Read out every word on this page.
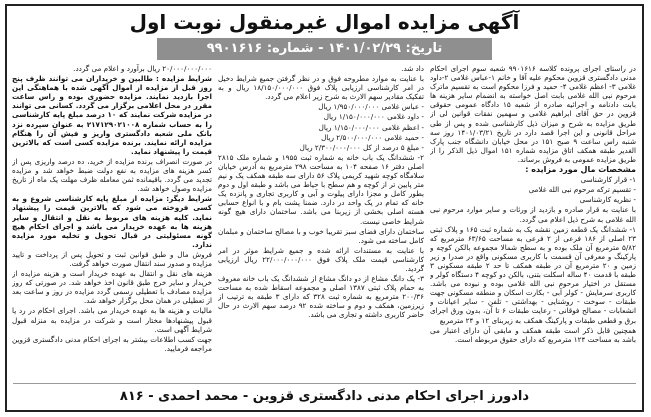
آگهی مزایده اموال غیرمنقول نوبت اول
تاریخ: ۱۴۰۱/۰۲/۲۹ - شماره: ۹۹۰۱۶۱۶

در راستای اجرای پرونده کلاسه ۹۹۰۱۶۱۶ شعبه سوم اجرای احکام مدنی دادگستری قزوین محکوم علیه آقا و خانم ۱-عباس غلامی ۲-داود غلامی ۳- اعظم غلامی ۴- حمید و فرزا محکوم است به تقسیم ماترک مرحوم نبی الله غلامی بابت اصل خواسته به انضمام سایر هزینه ها بابت دادنامه و اجرائیه صادره از شعبه ۱۵ دادگاه عمومی حقوقی قزوین در حق آقای ابراهیم غلامی و سهمین نفقات قوانین لی از طریق مزایده به شرح و میزان ذیل کارشناسی شده و پس از طی مراحل قانونی و این اجرا قصد دارد در تاریخ ۱۴۰۱/۰۳/۲۱ روز سه شنبه راس ساعت ۹ صبح ۱۵۱ در محل خیابان دانشگاه جنب پارک الغدیر طبقه همکف اتاق مزایده شماره ۱۵۱ اموال ذیل الذکر را از طریق مزایده عمومی به فروش برساند.

مشخصات مال مورد مزایده :

۱- قرار کارشناسی

- تقسیم ترکه مرحوم نبی الله غلامی

- نظریه کارشناسی

با عنایت به قرار صادره و بازدید از ورثات و سایر موارد مرحوم نبی الله غلامی به شرح ذیل اعلام می گردد.

۱- ششدانگ یک قطعه زمین نقشه یک به شماره ثبت ۱۶۵ و پلاک ثبتی ۲۳ اصلی از ۱۸۶ فرعی از ۲ فرعی به مساحت ۶۳/۶۵ مترمربع که ۵/۸۲ مترمربع آن ملک بوده و به سطح شمالا مجموعه بالکن کوچه و پارکینگ و معرفی آن قسمت با کاربری مسکونی واقع در صدرا و زیر زمین و ۲۰ مترمربع آن در طبقه همکف تا حد ۲ طبقه مسکونی ۳ طبقه با قدمت ۴۰ ساله اسکلت بتنی، بالکن دو کوچه ۴ دستگاه کولر و مستقل در اختیار مرحوم نبی الله غلامی بوده و نبوده می باشد. کاربری سرمایش - کولر آبی - بکارت اسکان و منطقه مسکونی جهت طبقات - سوخت - روشنایی - بهداشتی - تلفن - سایر اعیانات و انشعابات - مصالح فوقانی - رعایت طبقات ۶ تا آن، بدون ورق اجرای برق و قطعی طبقات و پارکینگ همکف به زیربنای ۱۲ و ۲۴ مترمربع

همچنین قابل ذکر است طبقه همکف و مابقی آن دارای اعتبار می باشد به مساحت ۱۲۴ مترمربع که دارای حقوق مربوطه است.

داد شد.

با عنایت به موارد مطروحه فوق و در نظر گرفتن جمیع شرایط دخیل در امر کارشناسی ارزیابی پلاک فوق ۱۸/۱۵۰/۰۰۰/۰۰۰ ریال و به تفکیک مقادیر سهم الارث به شرح زیر اعلام می گردد.

- عباس غلامی ۱/۹۵۰/۰۰۰/۰۰۰ ریال

- داود غلامی ۱/۱۵۰/۰۰۰/۰۰۰ ریال

- اعظم غلامی ۱/۱۵۰/۰۰۰/۰۰۰ ریال

- حمید غلامی ۲/۵۰۰/۰۰۰/۰۰۰ ریال

- مبلغ ۵ درصد از کل ۲/۳۰۰/۰۰۰/۰۰۰ ریال

۲- ششدانگ یک باب خانه به شماره ثبت ۱۹۵۵ و شماره ملک ۲۸۱۵ اصلی دفتر ۱۶ صفحه ۱۰۴ به مساحت ۲۹۸ مترمربع به آدرس خیابان سلامگاه کوچه شهید کریمی پلاک ۵۶ دارای سه طبقه همکف یک و نیم متر پایین تر از کوچه و هم سطح با حیاط می باشد و طبقه اول و دوم بطور کامل و مجزا دارای پیلوت و آبی و کاربری تجاری و پانزده یک خانه که تمام در یک واحد در دارد. ضمنا پشت بام و با انواع حسابی هسته اصلی بخشی از زیربنا می باشد. ساختمان دارای هیچ گونه شرایط خاصی نیست.

ساختمان دارای فضای سبز تقریبا خوب و با مصالح ساختمان و مبلمان کامل ساخته می شود.

با عنایت به مستندات ارائه شده و جمیع شرایط موثر در امر کارشناسی قیمت ملک پلاک فوق ۲۲/۰۰۰/۰۰۰/۰۰۰ ریال ارزیابی گردید.

۳- یک دانگ مشاع از دو دانگ مشاع از ششدانگ یک باب خانه معروف به حمام پلاک ثبتی ۱۳۸۷ اصلی و مجموعه اسقاط شده به مساحت ۲۰۰/۳۶ مترمربع به شماره ثبت ۳۲۸ که دارای ۳ طبقه به ترتیب از زیرزمین، همکف و دوم و ساخته شده ۹۲ درصد سهم الارث در حال حاضر کاربری داشته و تجاری می باشد.

۲۰/۰۰۰/۰۰۰/۰۰۰ ریال برآورد و اعلام می گردد.

شرایط مزایده : طالبین و خریداران می توانند ظرف پنج روز قبل از مزایده از اموال آگهی شده با هماهنگی این اجرا بازدید نمایند. مزایده حضوری بوده و راس ساعت مقرر در محل اعلامی برگزار می گردد. کسانی می توانند در مزایده شرکت نمایند که ۱۰ درصد مبلغ پایه کارشناسی را به حساب شماره ۲۱۷۱۲۹۰۲۱۰۰۸ به عنوان سپرده نزد بانک ملی شعبه دادگستری واریز و فیش آن را هنگام مزایده ارائه نمایند. برنده مزایده کسی است که بالاترین قیمت را پیشنهاد نماید.

در صورت انصراف برنده مزایده از خرید، ده درصد واریزی پس از کسر هزینه های مزایده به نفع دولت ضبط خواهد شد و مزایده تجدید می گردد. باقیمانده ثمن معامله ظرف مهلت یک ماه از تاریخ مزایده وصول خواهد شد.

شرایط دیگر: مزایده از مبلغ پایه کارشناسی شروع و به کسی فروخته می شود که بالاترین قیمت را پیشنهاد نماید. کلیه هزینه های مربوط به نقل و انتقال و سایر هزینه ها به عهده خریدار می باشد و اجرای احکام هیچ گونه مسئولیتی در قبال تحویل و تخلیه مورد مزایده ندارد.

فروش مال و طبق قوانین ثبت و تحویل پس از پرداخت و تایید مزایده و صدور سند انتقال صورت خواهد گرفت.

هزینه های نقل و انتقال به عهده خریدار است و هزینه مزایده از خریدار و سایر خرج طبق قانون اخذ خواهد شد. در صورتی که روز مزایده مصادف با تعطیلی رسمی گردد مزایده در روز و ساعت بعد از تعطیلی در همان محل برگزار خواهد شد.

مالیات و هزینه ها به عهده خریدار می باشد. اجرای احکام در رد یا قبول پیشنهادها مختار است و شرکت در مزایده به منزله قبول شرایط آگهی است.

جهت کسب اطلاعات بیشتر به اجرای احکام مدنی دادگستری قزوین مراجعه فرمایید.

دادورز اجرای احکام مدنی دادگستری قزوین - محمد احمدی - ۸۱۶
